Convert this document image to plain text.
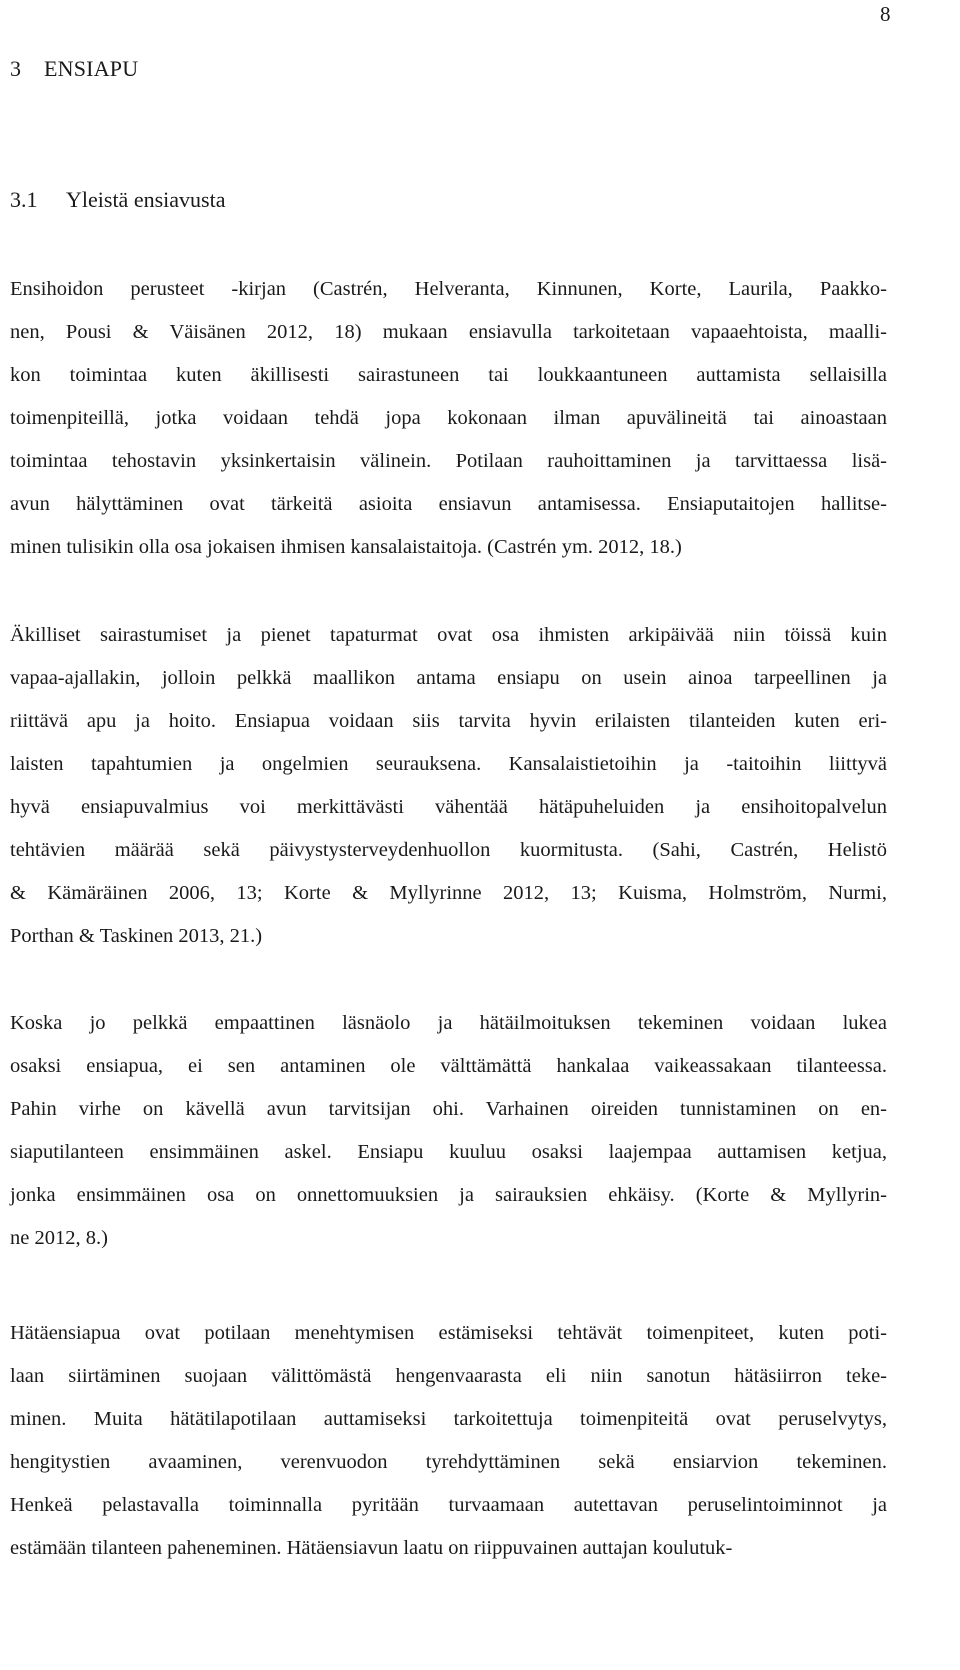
8
3 ENSIAPU
3.1 Yleistä ensiavusta

Ensihoidon perusteet -kirjan (Castrén, Helveranta, Kinnunen, Korte, Laurila, Paakko-
nen, Pousi & Väisänen 2012, 18) mukaan ensiavulla tarkoitetaan vapaaehtoista, maalli-
kon toimintaa kuten äkillisesti sairastuneen tai loukkaantuneen auttamista sellaisilla
toimenpiteillä, jotka voidaan tehdä jopa kokonaan ilman apuvälineitä tai ainoastaan
toimintaa tehostavin yksinkertaisin välinein. Potilaan rauhoittaminen ja tarvittaessa lisä-
avun hälyttäminen ovat tärkeitä asioita ensiavun antamisessa. Ensiaputaitojen hallitse-
minen tulisikin olla osa jokaisen ihmisen kansalaistaitoja. (Castrén ym. 2012, 18.)

Äkilliset sairastumiset ja pienet tapaturmat ovat osa ihmisten arkipäivää niin töissä kuin
vapaa-ajallakin, jolloin pelkkä maallikon antama ensiapu on usein ainoa tarpeellinen ja
riittävä apu ja hoito. Ensiapua voidaan siis tarvita hyvin erilaisten tilanteiden kuten eri-
laisten tapahtumien ja ongelmien seurauksena. Kansalaistietoihin ja -taitoihin liittyvä
hyvä ensiapuvalmius voi merkittävästi vähentää hätäpuheluiden ja ensihoitopalvelun
tehtävien määrää sekä päivystysterveydenhuollon kuormitusta. (Sahi, Castrén, Helistö
& Kämäräinen 2006, 13; Korte & Myllyrinne 2012, 13; Kuisma, Holmström, Nurmi,
Porthan & Taskinen 2013, 21.)

Koska jo pelkkä empaattinen läsnäolo ja hätäilmoituksen tekeminen voidaan lukea
osaksi ensiapua, ei sen antaminen ole välttämättä hankalaa vaikeassakaan tilanteessa.
Pahin virhe on kävellä avun tarvitsijan ohi. Varhainen oireiden tunnistaminen on en-
siaputilanteen ensimmäinen askel. Ensiapu kuuluu osaksi laajempaa auttamisen ketjua,
jonka ensimmäinen osa on onnettomuuksien ja sairauksien ehkäisy. (Korte & Myllyrin-
ne 2012, 8.)

Hätäensiapua ovat potilaan menehtymisen estämiseksi tehtävät toimenpiteet, kuten poti-
laan siirtäminen suojaan välittömästä hengenvaarasta eli niin sanotun hätäsiirron teke-
minen. Muita hätätilapotilaan auttamiseksi tarkoitettuja toimenpiteitä ovat peruselvytys,
hengitystien avaaminen, verenvuodon tyrehdyttäminen sekä ensiarvion tekeminen.
Henkeä pelastavalla toiminnalla pyritään turvaamaan autettavan peruselintoiminnot ja
estämään tilanteen paheneminen. Hätäensiavun laatu on riippuvainen auttajan koulutuk-
